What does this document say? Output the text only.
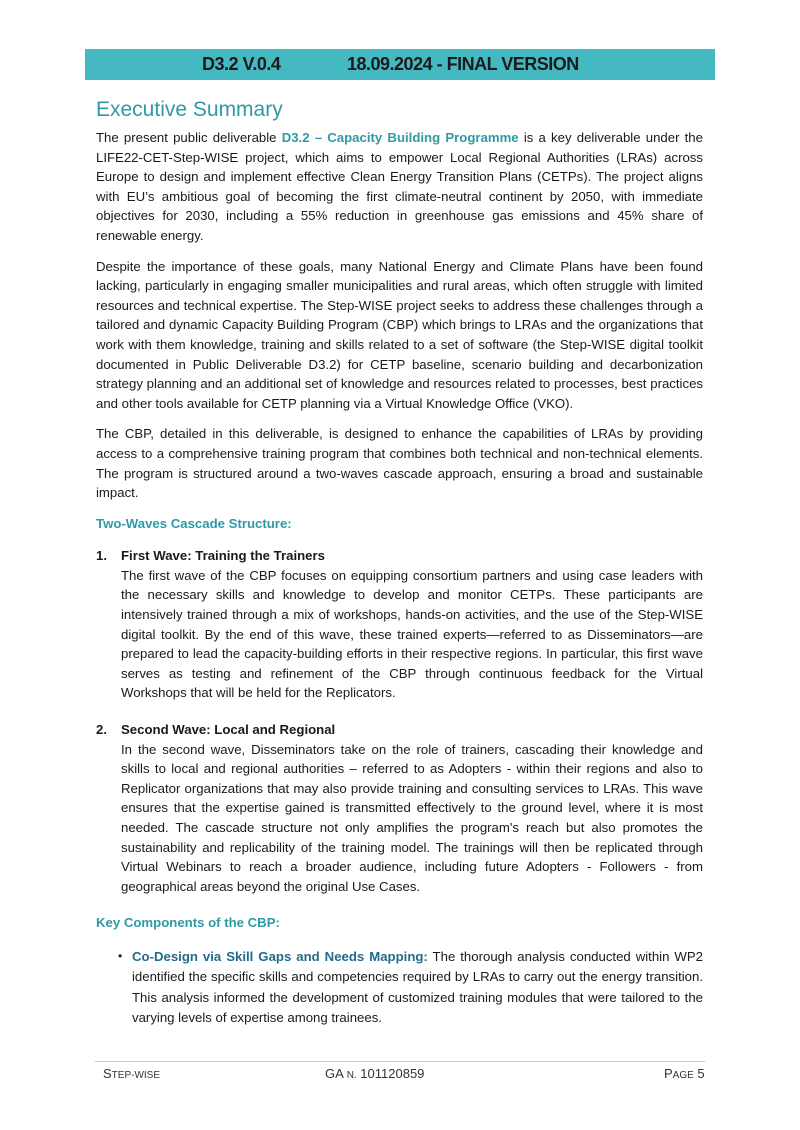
D3.2 V.0.4	18.09.2024 - FINAL VERSION
Executive Summary

The present public deliverable D3.2 – Capacity Building Programme is a key deliverable under the LIFE22-CET-Step-WISE project, which aims to empower Local Regional Authorities (LRAs) across Europe to design and implement effective Clean Energy Transition Plans (CETPs). The project aligns with EU’s ambitious goal of becoming the first climate-neutral continent by 2050, with immediate objectives for 2030, including a 55% reduction in greenhouse gas emissions and 45% share of renewable energy.

Despite the importance of these goals, many National Energy and Climate Plans have been found lacking, particularly in engaging smaller municipalities and rural areas, which often struggle with limited resources and technical expertise. The Step-WISE project seeks to address these challenges through a tailored and dynamic Capacity Building Program (CBP) which brings to LRAs and the organizations that work with them knowledge, training and skills related to a set of software (the Step-WISE digital toolkit documented in Public Deliverable D3.2) for CETP baseline, scenario building and decarbonization strategy planning and an additional set of knowledge and resources related to processes, best practices and other tools available for CETP planning via a Virtual Knowledge Office (VKO).

The CBP, detailed in this deliverable, is designed to enhance the capabilities of LRAs by providing access to a comprehensive training program that combines both technical and non-technical elements. The program is structured around a two-waves cascade approach, ensuring a broad and sustainable impact.

Two-Waves Cascade Structure:
1.	First Wave: Training the Trainers
The first wave of the CBP focuses on equipping consortium partners and using case leaders with the necessary skills and knowledge to develop and monitor CETPs. These participants are intensively trained through a mix of workshops, hands-on activities, and the use of the Step-WISE digital toolkit. By the end of this wave, these trained experts—referred to as Disseminators—are prepared to lead the capacity-building efforts in their respective regions. In particular, this first wave serves as testing and refinement of the CBP through continuous feedback for the Virtual Workshops that will be held for the Replicators.
2.	Second Wave: Local and Regional
In the second wave, Disseminators take on the role of trainers, cascading their knowledge and skills to local and regional authorities – referred to as Adopters - within their regions and also to Replicator organizations that may also provide training and consulting services to LRAs. This wave ensures that the expertise gained is transmitted effectively to the ground level, where it is most needed. The cascade structure not only amplifies the program's reach but also promotes the sustainability and replicability of the training model. The trainings will then be replicated through Virtual Webinars to reach a broader audience, including future Adopters - Followers - from geographical areas beyond the original Use Cases.
Key Components of the CBP:
• Co-Design via Skill Gaps and Needs Mapping: The thorough analysis conducted within WP2 identified the specific skills and competencies required by LRAs to carry out the energy transition. This analysis informed the development of customized training modules that were tailored to the varying levels of expertise among trainees.
STEP-WISE	GA N. 101120859	PAGE 5
